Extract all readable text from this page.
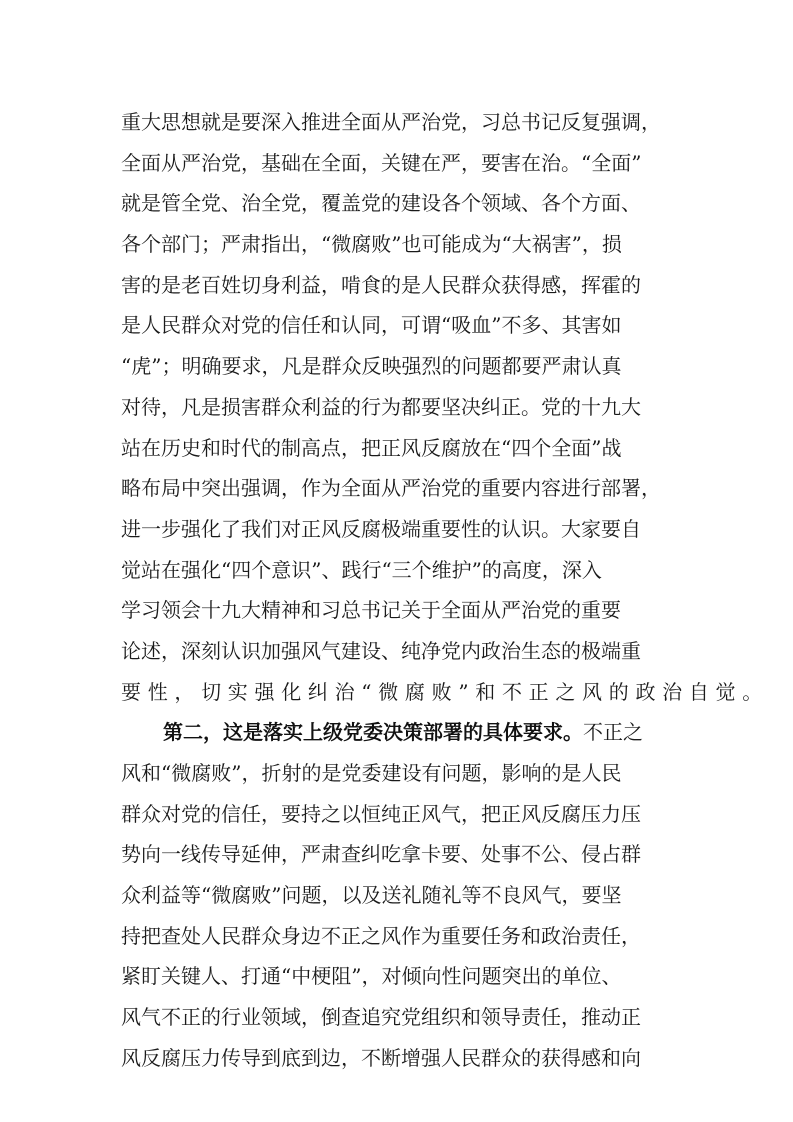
重大思想就是要深入推进全面从严治党，习总书记反复强调，
全面从严治党，基础在全面，关键在严，要害在治。“全面”
就是管全党、治全党，覆盖党的建设各个领域、各个方面、
各个部门；严肃指出，“微腐败”也可能成为“大祸害”，损
害的是老百姓切身利益，啃食的是人民群众获得感，挥霍的
是人民群众对党的信任和认同，可谓“吸血”不多、其害如
“虎”；明确要求，凡是群众反映强烈的问题都要严肃认真
对待，凡是损害群众利益的行为都要坚决纠正。党的十九大
站在历史和时代的制高点，把正风反腐放在“四个全面”战
略布局中突出强调，作为全面从严治党的重要内容进行部署，
进一步强化了我们对正风反腐极端重要性的认识。大家要自
觉站在强化“四个意识”、践行“三个维护”的高度，深入
学习领会十九大精神和习总书记关于全面从严治党的重要
论述，深刻认识加强风气建设、纯净党内政治生态的极端重
要性，切实强化纠治“微腐败”和不正之风的政治自觉。
第二，这是落实上级党委决策部署的具体要求。不正之
风和“微腐败”，折射的是党委建设有问题，影响的是人民
群众对党的信任，要持之以恒纯正风气，把正风反腐压力压
势向一线传导延伸，严肃查纠吃拿卡要、处事不公、侵占群
众利益等“微腐败”问题，以及送礼随礼等不良风气，要坚
持把查处人民群众身边不正之风作为重要任务和政治责任，
紧盯关键人、打通“中梗阻”，对倾向性问题突出的单位、
风气不正的行业领域，倒查追究党组织和领导责任，推动正
风反腐压力传导到底到边，不断增强人民群众的获得感和向
